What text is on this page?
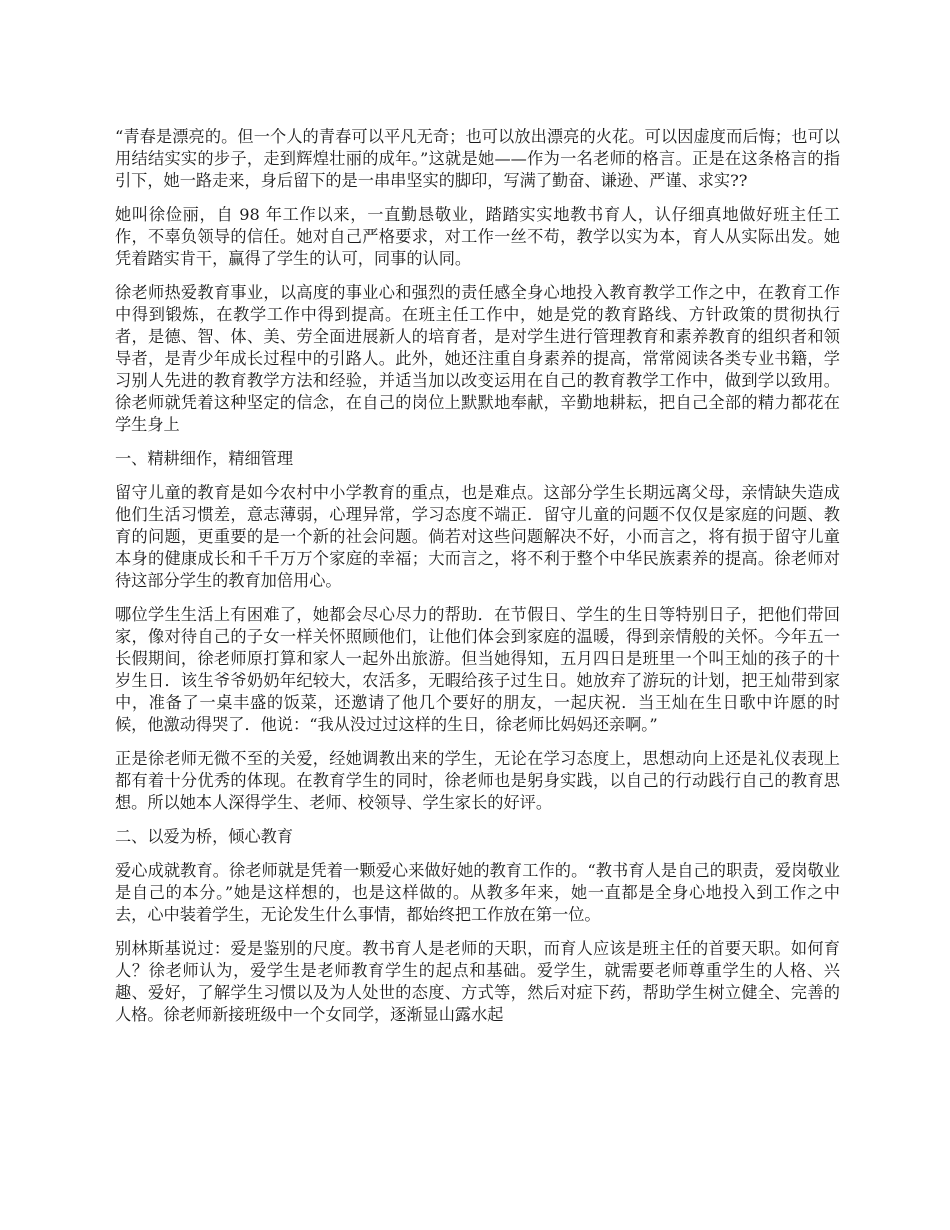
“青春是漂亮的。但一个人的青春可以平凡无奇；也可以放出漂亮的火花。可以因虚度而后悔；也可以用结结实实的步子，走到辉煌壮丽的成年。”这就是她——作为一名老师的格言。正是在这条格言的指引下，她一路走来，身后留下的是一串串坚实的脚印，写满了勤奋、谦逊、严谨、求实??

她叫徐俭丽，自 98 年工作以来，一直勤恳敬业，踏踏实实地教书育人，认仔细真地做好班主任工作，不辜负领导的信任。她对自己严格要求，对工作一丝不苟，教学以实为本，育人从实际出发。她凭着踏实肯干，赢得了学生的认可，同事的认同。

徐老师热爱教育事业，以高度的事业心和强烈的责任感全身心地投入教育教学工作之中，在教育工作中得到锻炼，在教学工作中得到提高。在班主任工作中，她是党的教育路线、方针政策的贯彻执行者，是德、智、体、美、劳全面进展新人的培育者，是对学生进行管理教育和素养教育的组织者和领导者，是青少年成长过程中的引路人。此外，她还注重自身素养的提高，常常阅读各类专业书籍，学习别人先进的教育教学方法和经验，并适当加以改变运用在自己的教育教学工作中，做到学以致用。徐老师就凭着这种坚定的信念，在自己的岗位上默默地奉献，辛勤地耕耘，把自己全部的精力都花在学生身上

一、精耕细作，精细管理

留守儿童的教育是如今农村中小学教育的重点，也是难点。这部分学生长期远离父母，亲情缺失造成他们生活习惯差，意志薄弱，心理异常，学习态度不端正．留守儿童的问题不仅仅是家庭的问题、教育的问题，更重要的是一个新的社会问题。倘若对这些问题解决不好，小而言之，将有损于留守儿童本身的健康成长和千千万万个家庭的幸福；大而言之，将不利于整个中华民族素养的提高。徐老师对待这部分学生的教育加倍用心。

哪位学生生活上有困难了，她都会尽心尽力的帮助．在节假日、学生的生日等特别日子，把他们带回家，像对待自己的子女一样关怀照顾他们，让他们体会到家庭的温暖，得到亲情般的关怀。今年五一长假期间，徐老师原打算和家人一起外出旅游。但当她得知，五月四日是班里一个叫王灿的孩子的十岁生日．该生爷爷奶奶年纪较大，农活多，无暇给孩子过生日。她放弃了游玩的计划，把王灿带到家中，准备了一桌丰盛的饭菜，还邀请了他几个要好的朋友，一起庆祝．当王灿在生日歌中许愿的时候，他激动得哭了．他说：“我从没过过这样的生日，徐老师比妈妈还亲啊。”

正是徐老师无微不至的关爱，经她调教出来的学生，无论在学习态度上，思想动向上还是礼仪表现上都有着十分优秀的体现。在教育学生的同时，徐老师也是躬身实践，以自己的行动践行自己的教育思想。所以她本人深得学生、老师、校领导、学生家长的好评。

二、以爱为桥，倾心教育

爱心成就教育。徐老师就是凭着一颗爱心来做好她的教育工作的。“教书育人是自己的职责，爱岗敬业是自己的本分。”她是这样想的，也是这样做的。从教多年来，她一直都是全身心地投入到工作之中去，心中装着学生，无论发生什么事情，都始终把工作放在第一位。

别林斯基说过：爱是鉴别的尺度。教书育人是老师的天职，而育人应该是班主任的首要天职。如何育人？徐老师认为，爱学生是老师教育学生的起点和基础。爱学生，就需要老师尊重学生的人格、兴趣、爱好，了解学生习惯以及为人处世的态度、方式等，然后对症下药，帮助学生树立健全、完善的人格。徐老师新接班级中一个女同学，逐渐显山露水起
